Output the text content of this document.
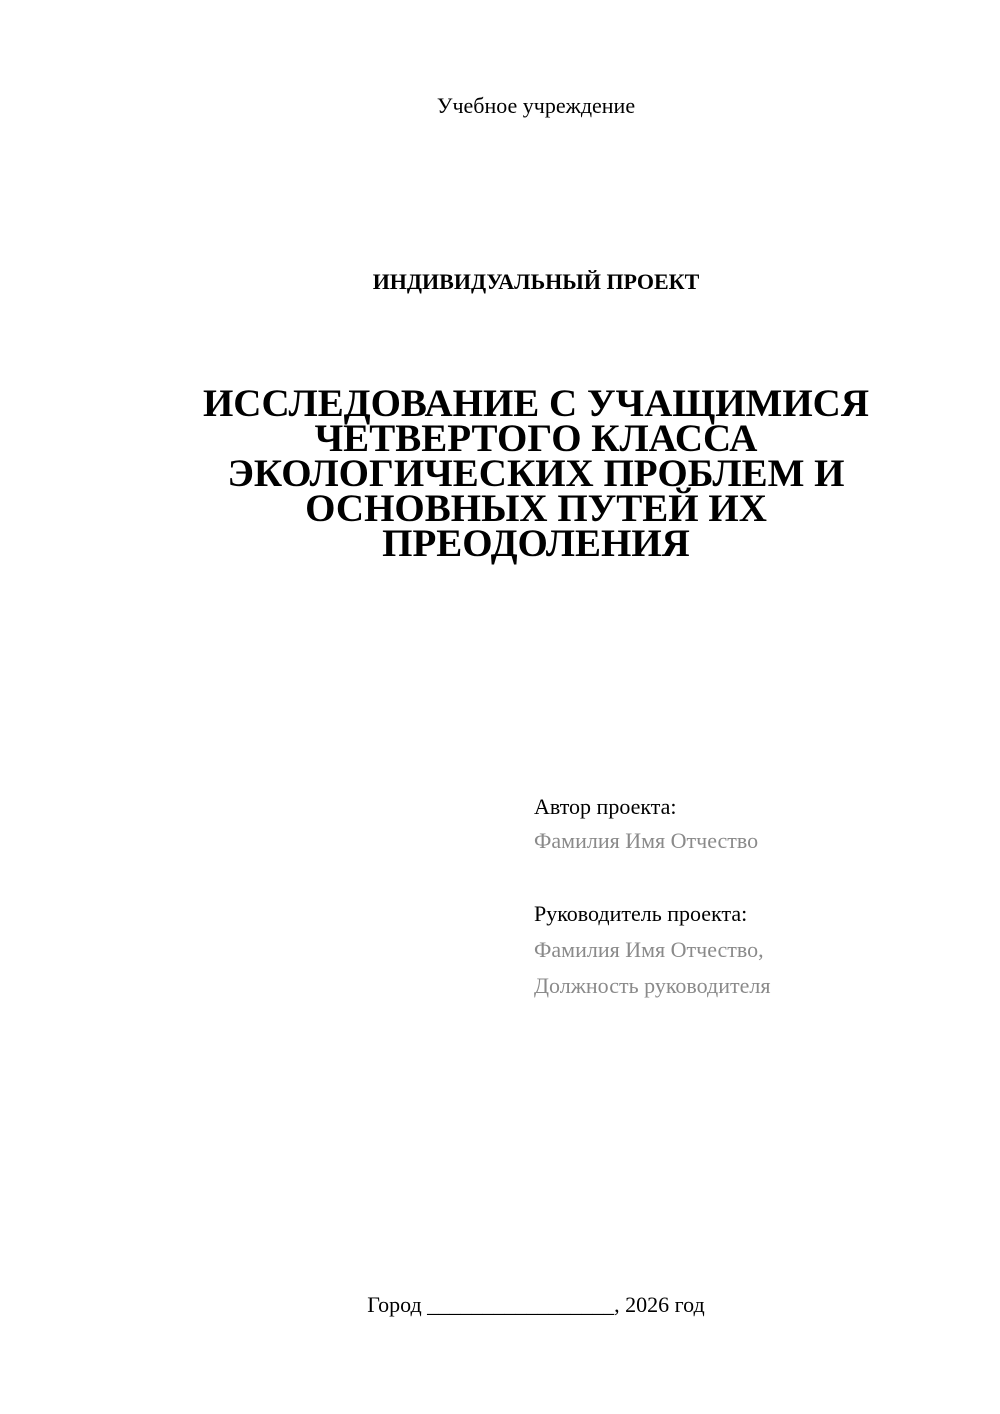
Учебное учреждение
ИНДИВИДУАЛЬНЫЙ ПРОЕКТ
ИССЛЕДОВАНИЕ С УЧАЩИМИСЯ
ЧЕТВЕРТОГО КЛАССА
ЭКОЛОГИЧЕСКИХ ПРОБЛЕМ И
ОСНОВНЫХ ПУТЕЙ ИХ
ПРЕОДОЛЕНИЯ
Автор проекта:
Фамилия Имя Отчество
Руководитель проекта:
Фамилия Имя Отчество,
Должность руководителя
Город _________________, 2026 год
